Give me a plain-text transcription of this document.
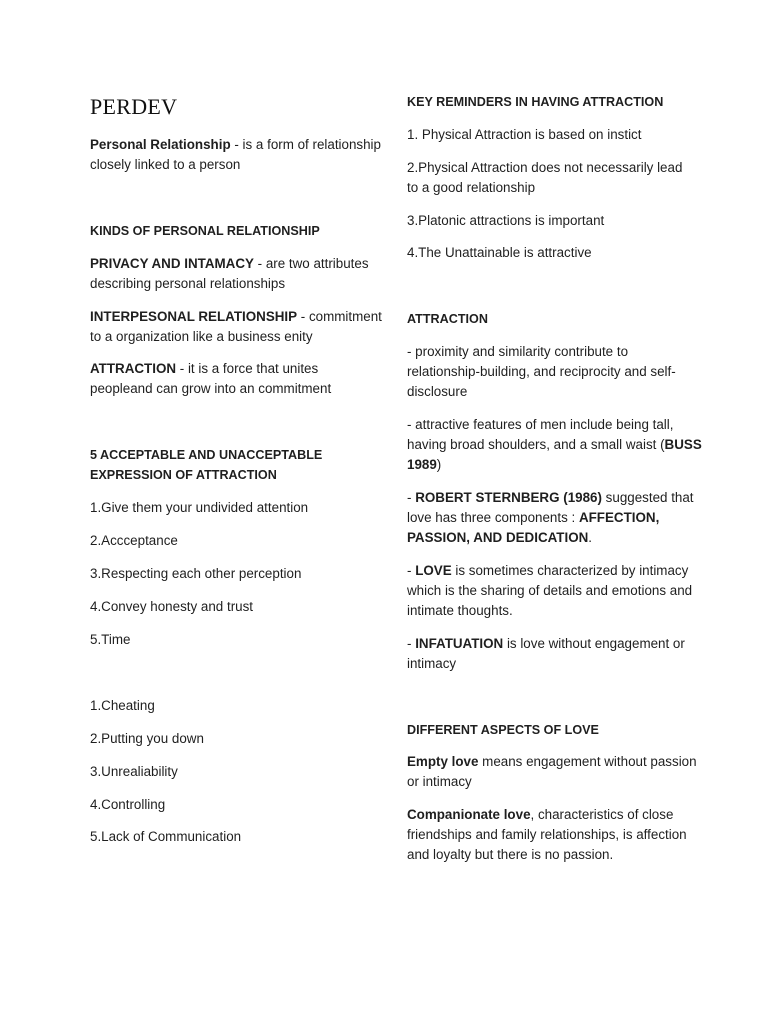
PERDEV
Personal Relationship - is a form of relationship
closely linked to a person
KINDS OF PERSONAL RELATIONSHIP
PRIVACY AND INTAMACY - are two attributes
describing personal relationships
INTERPESONAL RELATIONSHIP - commitment
to a organization like a business enity
ATTRACTION - it is a force that unites
peopleand can grow into an commitment
5 ACCEPTABLE AND UNACCEPTABLE
EXPRESSION OF ATTRACTION
1.Give them your undivided attention
2.Accceptance
3.Respecting each other perception
4.Convey honesty and trust
5.Time
1.Cheating
2.Putting you down
3.Unrealiability
4.Controlling
5.Lack of Communication
KEY REMINDERS IN HAVING ATTRACTION
1. Physical Attraction is based on instict
2.Physical Attraction does not necessarily lead
to a good relationship
3.Platonic attractions is important
4.The Unattainable is attractive
ATTRACTION
- proximity and similarity contribute to
relationship-building, and reciprocity and self-
disclosure
- attractive features of men include being tall,
having broad shoulders, and a small waist (BUSS
1989)
- ROBERT STERNBERG (1986) suggested that
love has three components : AFFECTION,
PASSION, AND DEDICATION.
- LOVE is sometimes characterized by intimacy
which is the sharing of details and emotions and
intimate thoughts.
- INFATUATION is love without engagement or
intimacy
DIFFERENT ASPECTS OF LOVE
Empty love means engagement without passion
or intimacy
Companionate love, characteristics of close
friendships and family relationships, is affection
and loyalty but there is no passion.
